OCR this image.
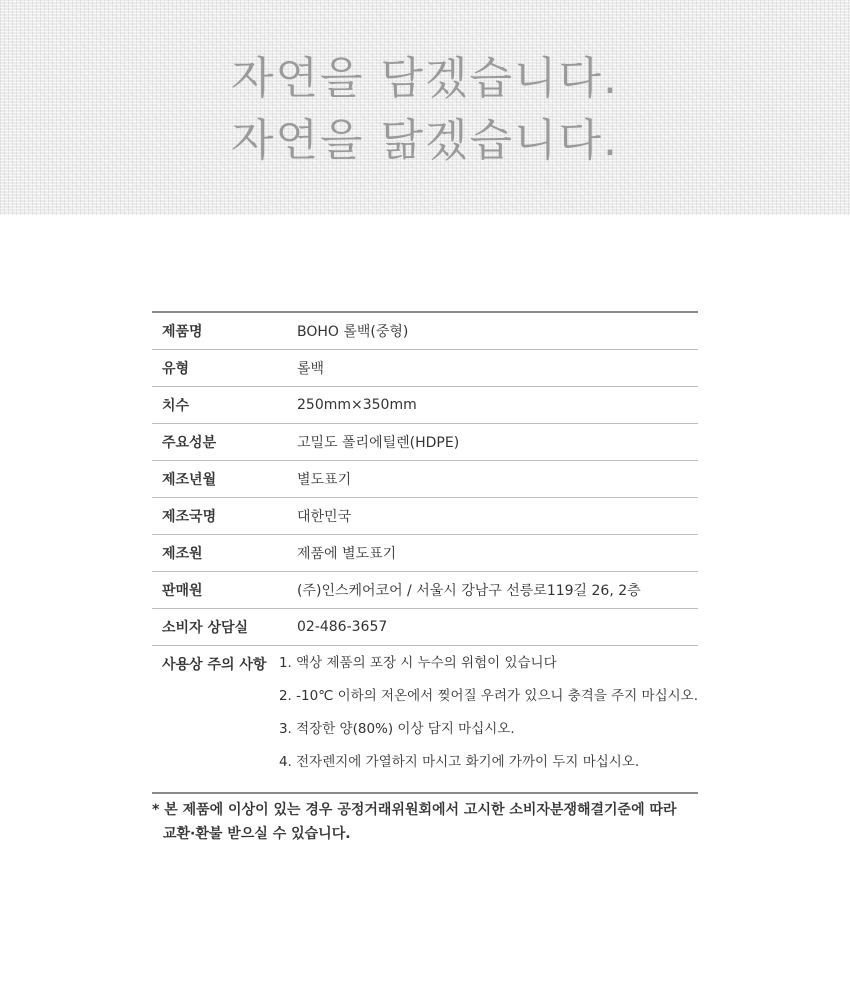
자연을 담겠습니다.
자연을 닮겠습니다.
제품명	BOHO 롤백(중형)
유형	롤백
치수	250mm×350mm
주요성분	고밀도 폴리에틸렌(HDPE)
제조년월	별도표기
제조국명	대한민국
제조원	제품에 별도표기
판매원	(주)인스케어코어 / 서울시 강남구 선릉로119길 26, 2층
소비자 상담실	02-486-3657
사용상 주의 사항 1. 액상 제품의 포장 시 누수의 위험이 있습니다
2. -10℃ 이하의 저온에서 찢어질 우려가 있으니 충격을 주지 마십시오.
3. 적장한 양(80%) 이상 담지 마십시오.
4. 전자렌지에 가열하지 마시고 화기에 가까이 두지 마십시오.
* 본 제품에 이상이 있는 경우 공정거래위원회에서 고시한 소비자분쟁해결기준에 따라
교환·환불 받으실 수 있습니다.
